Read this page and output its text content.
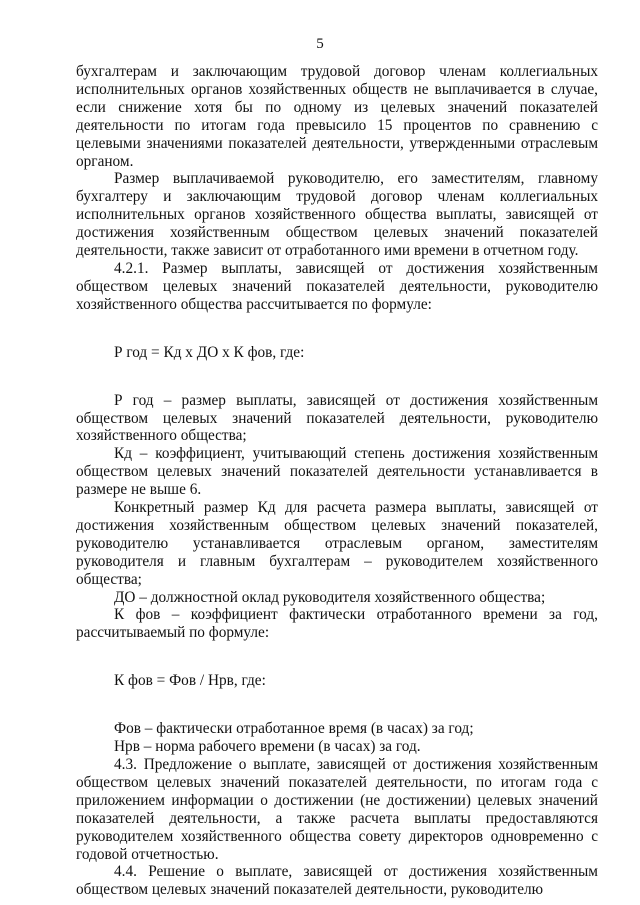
5

бухгалтерам и заключающим трудовой договор членам коллегиальных исполнительных органов хозяйственных обществ не выплачивается в случае, если снижение хотя бы по одному из целевых значений показателей деятельности по итогам года превысило 15 процентов по сравнению с целевыми значениями показателей деятельности, утвержденными отраслевым органом.

Размер выплачиваемой руководителю, его заместителям, главному бухгалтеру и заключающим трудовой договор членам коллегиальных исполнительных органов хозяйственного общества выплаты, зависящей от достижения хозяйственным обществом целевых значений показателей деятельности, также зависит от отработанного ими времени в отчетном году.

4.2.1. Размер выплаты, зависящей от достижения хозяйственным обществом целевых значений показателей деятельности, руководителю хозяйственного общества рассчитывается по формуле:

Р год = Кд х ДО х К фов, где:

Р год – размер выплаты, зависящей от достижения хозяйственным обществом целевых значений показателей деятельности, руководителю хозяйственного общества;

Кд – коэффициент, учитывающий степень достижения хозяйственным обществом целевых значений показателей деятельности устанавливается в размере не выше 6.

Конкретный размер Кд для расчета размера выплаты, зависящей от достижения хозяйственным обществом целевых значений показателей, руководителю устанавливается отраслевым органом, заместителям руководителя и главным бухгалтерам – руководителем хозяйственного общества;

ДО – должностной оклад руководителя хозяйственного общества;

К фов – коэффициент фактически отработанного времени за год, рассчитываемый по формуле:

К фов = Фов / Нрв, где:

Фов – фактически отработанное время (в часах) за год;

Нрв – норма рабочего времени (в часах) за год.

4.3. Предложение о выплате, зависящей от достижения хозяйственным обществом целевых значений показателей деятельности, по итогам года с приложением информации о достижении (не достижении) целевых значений показателей деятельности, а также расчета выплаты предоставляются руководителем хозяйственного общества совету директоров одновременно с годовой отчетностью.

4.4. Решение о выплате, зависящей от достижения хозяйственным обществом целевых значений показателей деятельности, руководителю
